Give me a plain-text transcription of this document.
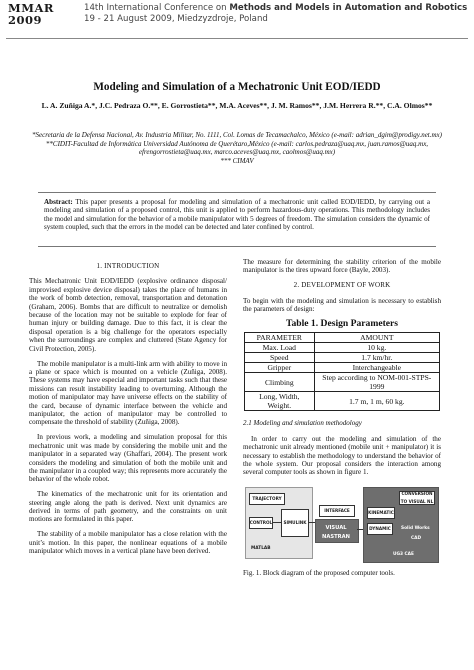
MMAR
2009
14th International Conference on Methods and Models in Automation and Robotics
19 - 21 August 2009, Miedzyzdroje, Poland
Modeling and Simulation of a Mechatronic Unit EOD/IEDD
L. A. Zuñiga A.*, J.C. Pedraza O.**, E. Gorrostieta**, M.A. Aceves**, J. M. Ramos**, J.M. Herrera R.**, C.A. Olmos**
*Secretaria de la Defensa Nacional, Av. Industria Militar, No. 1111, Col. Lomas de Tecamachalco, México (e-mail: adrian_dgim@prodigy.net.mx)
**CIDIT-Facultad de Informática Universidad Autónoma de Querétaro,México (e-mail: carlos.pedraza@uaq.mx, juan.ramos@uaq.mx, efrengorrostieta@uaq.mx, marco.aceves@uaq.mx, caolmos@uaq.mx)
*** CIMAV
Abstract: This paper presents a proposal for modeling and simulation of a mechatronic unit called EOD/IEDD, by carrying out a modeling and simulation of a proposed control, this unit is applied to perform hazardous-duty operations. This methodology includes the model and simulation for the behavior of a mobile manipulator with 5 degrees of freedom. The simulation considers the dynamic of system coupled, such that the errors in the model can be detected and later confined by control.
1. INTRODUCTION

This Mechatronic Unit EOD/IEDD (explosive ordinance disposal/ improvised explosive device disposal) takes the place of humans in the work of bomb detection, removal, transportation and detonation (Graham, 2006). Bombs that are difficult to neutralize or demolish because of the location may not be suitable to explode for fear of human injury or building damage. Due to this fact, it is clear the disposal operation is a big challenge for the operators especially when the surroundings are complex and cluttered (State Agency for Civil Protection, 2005).

The mobile manipulator is a multi-link arm with ability to move in a plane or space which is mounted on a vehicle (Zuñiga, 2008). These systems may have especial and important tasks such that these missions can result instability leading to overturning. Although the motion of manipulator may have universe effects on the stability of the card, because of dynamic interface between the vehicle and manipulator, the action of manipulator may be controlled to compensate the threshold of stability (Zuñiga, 2008).

In previous work, a modeling and simulation proposal for this mechatronic unit was made by considering the mobile unit and the manipulator in a separated way (Ghaffari, 2004). The present work considers the modeling and simulation of both the mobile unit and the manipulator in a coupled way; this represents more accurately the behavior of the whole robot.

The kinematics of the mechatronic unit for its orientation and steering angle along the path is derived. Next unit dynamics are derived in terms of path geometry, and the constraints on unit motions are formulated in this paper.

The stability of a mobile manipulator has a close relation with the unit’s motion. In this paper, the nonlinear equations of a mobile manipulator which moves in a vertical plane have been derived.

The measure for determining the stability criterion of the mobile manipulator is the tires upward force (Bayle, 2003).

2. DEVELOPMENT OF WORK

To begin with the modeling and simulation is necessary to establish the parameters of design:

Table 1. Design Parameters
PARAMETER	AMOUNT
Max. Load	10 kg.
Speed	1.7 km/hr.
Gripper	Interchangeable
Climbing	Step according to NOM-001-STPS-1999
Long, Width, Weight.	1.7 m, 1 m, 60 kg.
2.1 Modeling and simulation methodology

In order to carry out the modeling and simulation of the mechatronic unit already mentioned (mobile unit + manipulator) it is necessary to establish the methodology to understand the behavior of the whole system. Our proposal considers the interaction among several computer tools as shown in figure 1.

TRAJECTORY
CONTROL	SIMULINK
MATLAB
INTERFACE
VISUAL NASTRAN
CONVERSION TO VISUAL NL
KINEMATIC
DYNAMIC	Solid Works
CAD
UG3 CAE
Fig. 1. Block diagram of the proposed computer tools.
